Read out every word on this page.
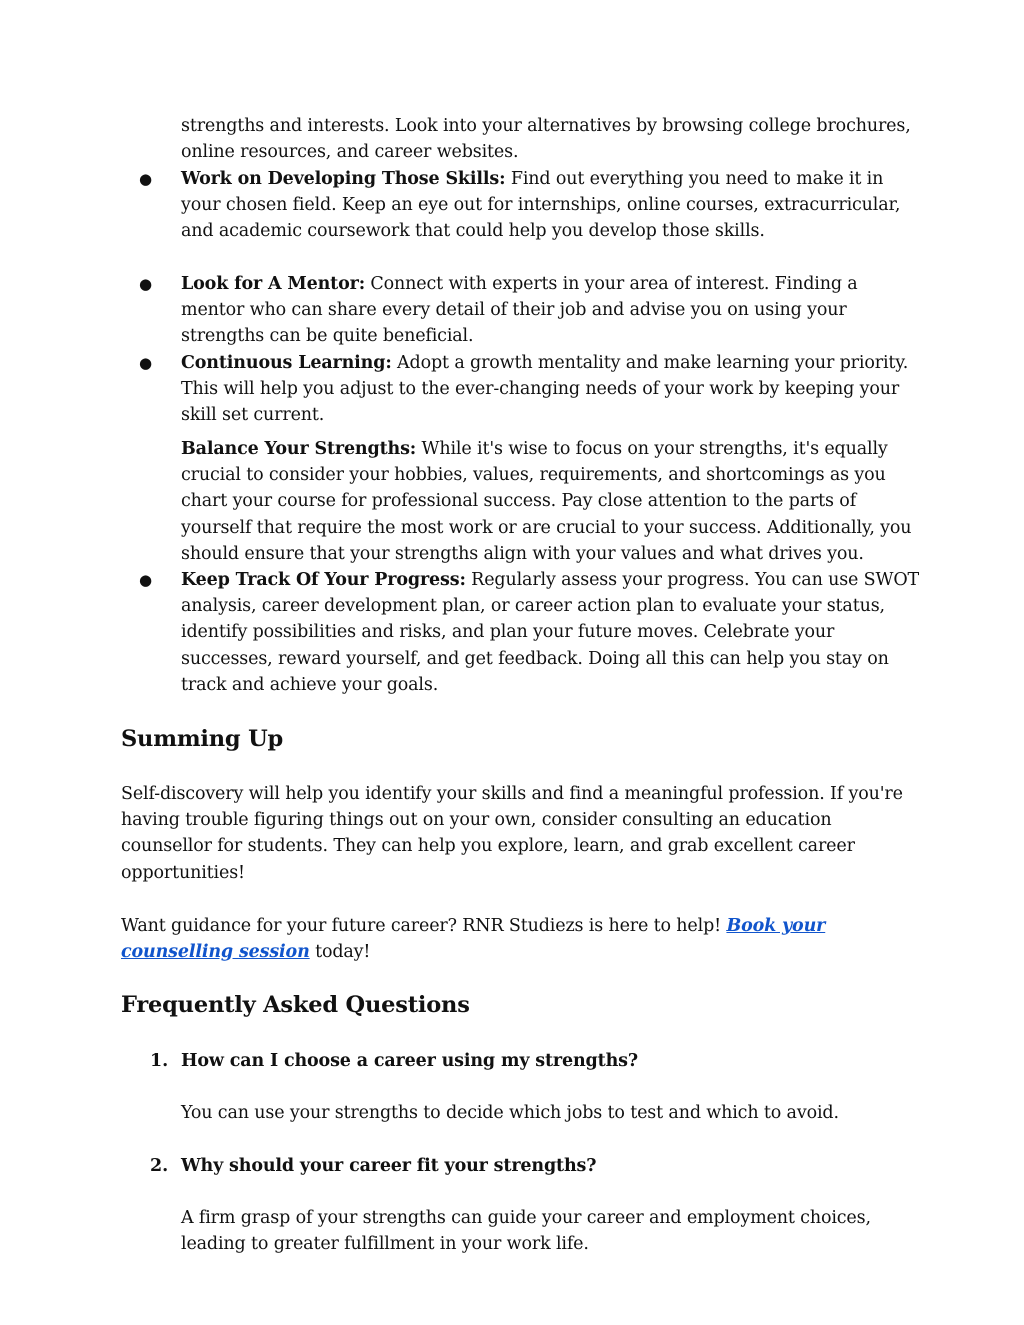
strengths and interests. Look into your alternatives by browsing college brochures, online resources, and career websites.
● Work on Developing Those Skills: Find out everything you need to make it in your chosen field. Keep an eye out for internships, online courses, extracurricular, and academic coursework that could help you develop those skills.
● Look for A Mentor: Connect with experts in your area of interest. Finding a mentor who can share every detail of their job and advise you on using your strengths can be quite beneficial.
● Continuous Learning: Adopt a growth mentality and make learning your priority. This will help you adjust to the ever-changing needs of your work by keeping your skill set current.
Balance Your Strengths: While it's wise to focus on your strengths, it's equally crucial to consider your hobbies, values, requirements, and shortcomings as you chart your course for professional success. Pay close attention to the parts of yourself that require the most work or are crucial to your success. Additionally, you should ensure that your strengths align with your values and what drives you.
● Keep Track Of Your Progress: Regularly assess your progress. You can use SWOT analysis, career development plan, or career action plan to evaluate your status, identify possibilities and risks, and plan your future moves. Celebrate your successes, reward yourself, and get feedback. Doing all this can help you stay on track and achieve your goals.
Summing Up
Self-discovery will help you identify your skills and find a meaningful profession. If you're having trouble figuring things out on your own, consider consulting an education counsellor for students. They can help you explore, learn, and grab excellent career opportunities!
Want guidance for your future career? RNR Studiezs is here to help! Book your counselling session today!
Frequently Asked Questions
1. How can I choose a career using my strengths?
You can use your strengths to decide which jobs to test and which to avoid.
2. Why should your career fit your strengths?
A firm grasp of your strengths can guide your career and employment choices, leading to greater fulfillment in your work life.
